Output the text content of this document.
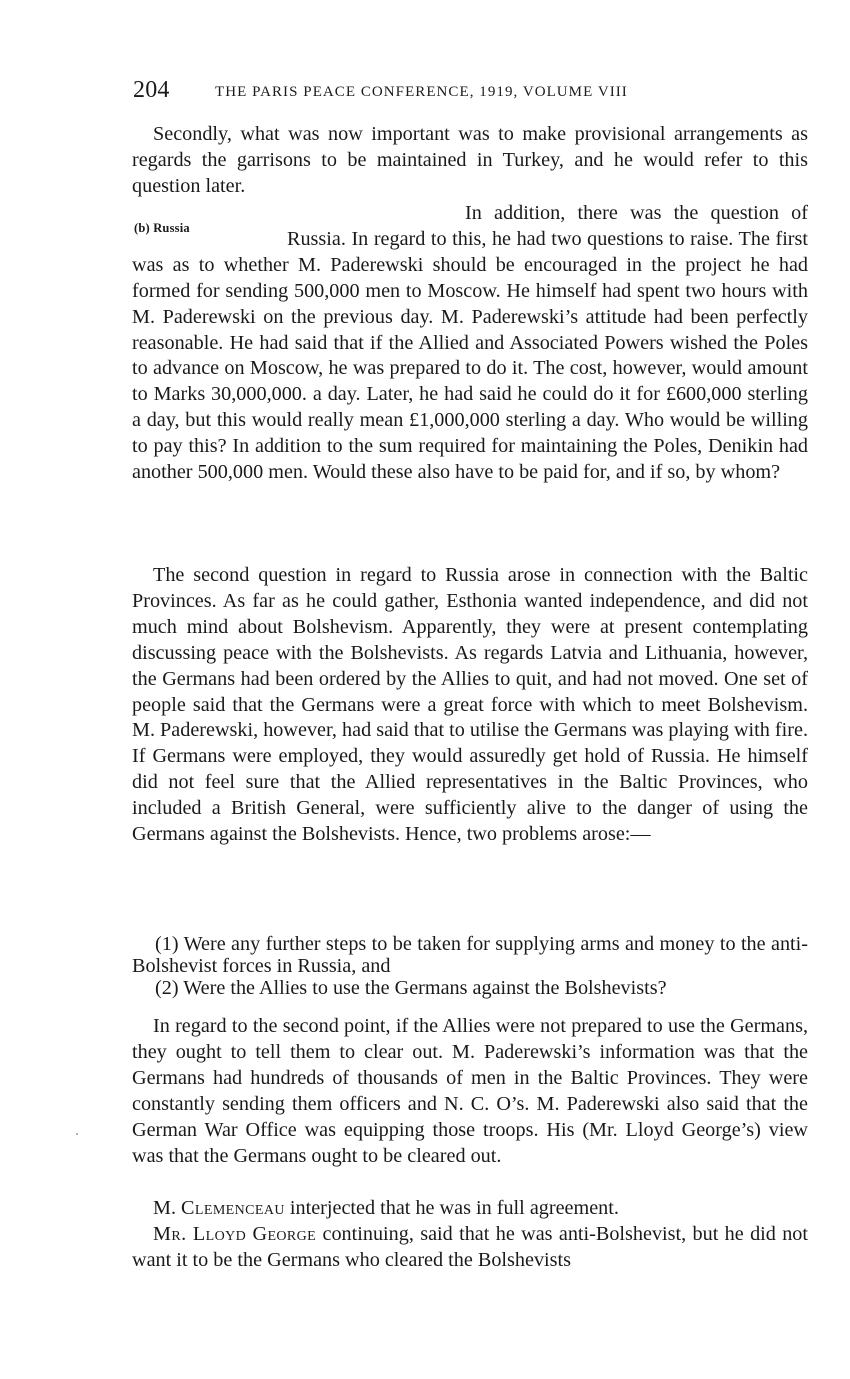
204	THE PARIS PEACE CONFERENCE, 1919, VOLUME VIII

Secondly, what was now important was to make provisional arrangements as regards the garrisons to be maintained in Turkey, and he would refer to this question later.

(b) Russia

In addition, there was the question of Russia. In regard to this, he had two questions to raise. The first was as to whether M. Paderewski should be encouraged in the project he had formed for sending 500,000 men to Moscow. He himself had spent two hours with M. Paderewski on the previous day. M. Paderewski’s attitude had been perfectly reasonable. He had said that if the Allied and Associated Powers wished the Poles to advance on Moscow, he was prepared to do it. The cost, however, would amount to Marks 30,000,000. a day. Later, he had said he could do it for £600,000 sterling a day, but this would really mean £1,000,000 sterling a day. Who would be willing to pay this? In addition to the sum required for maintaining the Poles, Denikin had another 500,000 men. Would these also have to be paid for, and if so, by whom?

The second question in regard to Russia arose in connection with the Baltic Provinces. As far as he could gather, Esthonia wanted independence, and did not much mind about Bolshevism. Apparently, they were at present contemplating discussing peace with the Bolshevists. As regards Latvia and Lithuania, however, the Germans had been ordered by the Allies to quit, and had not moved. One set of people said that the Germans were a great force with which to meet Bolshevism. M. Paderewski, however, had said that to utilise the Germans was playing with fire. If Germans were employed, they would assuredly get hold of Russia. He himself did not feel sure that the Allied representatives in the Baltic Provinces, who included a British General, were sufficiently alive to the danger of using the Germans against the Bolshevists. Hence, two problems arose:—

(1) Were any further steps to be taken for supplying arms and money to the anti-Bolshevist forces in Russia, and

(2) Were the Allies to use the Germans against the Bolshevists?

In regard to the second point, if the Allies were not prepared to use the Germans, they ought to tell them to clear out. M. Paderewski’s information was that the Germans had hundreds of thousands of men in the Baltic Provinces. They were constantly sending them officers and N. C. O’s. M. Paderewski also said that the German War Office was equipping those troops. His (Mr. Lloyd George’s) view was that the Germans ought to be cleared out.

M. Clemenceau interjected that he was in full agreement.

Mr. Lloyd George continuing, said that he was anti-Bolshevist, but he did not want it to be the Germans who cleared the Bolshevists
